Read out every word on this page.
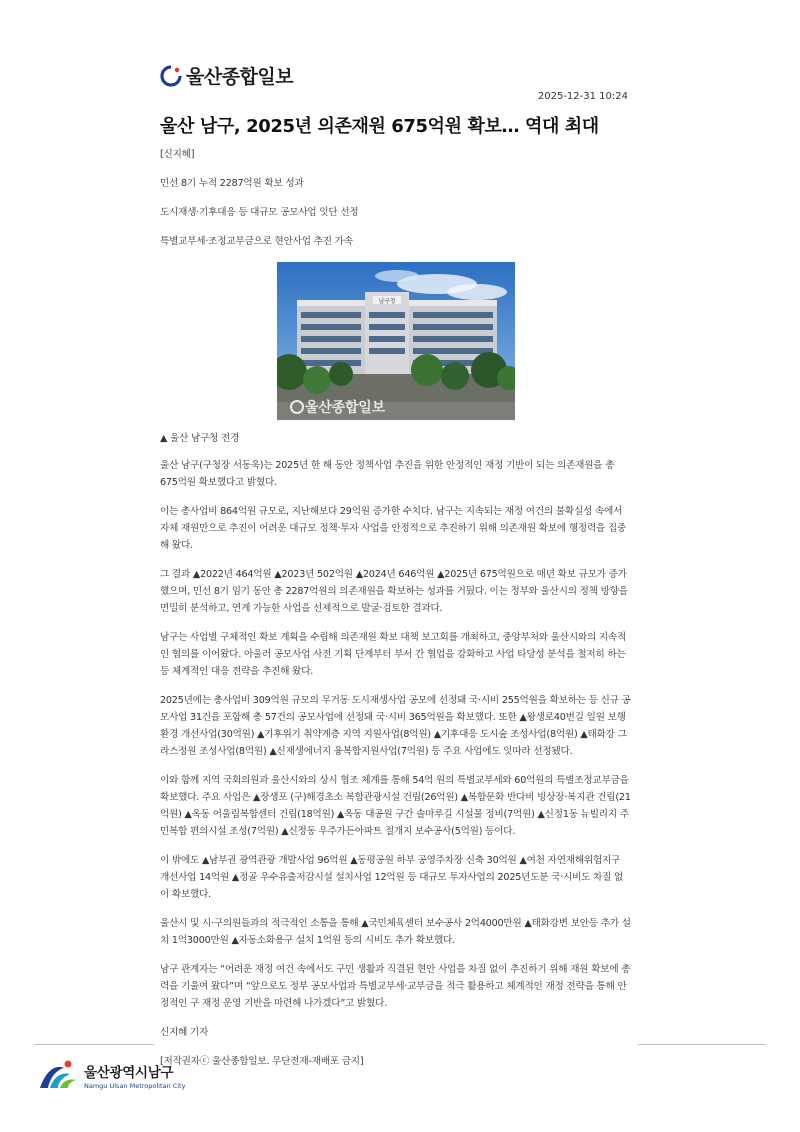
울산종합일보
2025-12-31 10:24
울산 남구, 2025년 의존재원 675억원 확보… 역대 최대

[신지혜]

민선 8기 누적 2287억원 확보 성과

도시재생·기후대응 등 대규모 공모사업 잇단 선정

특별교부세·조정교부금으로 현안사업 추진 가속

남구청
울산종합일보

▲ 울산 남구청 전경

울산 남구(구청장 서동욱)는 2025년 한 해 동안 정책사업 추진을 위한 안정적인 재정 기반이 되는 의존재원을 총 675억원 확보했다고 밝혔다.

이는 총사업비 864억원 규모로, 지난해보다 29억원 증가한 수치다. 남구는 지속되는 재정 여건의 불확실성 속에서 자체 재원만으로 추진이 어려운 대규모 정책·투자 사업을 안정적으로 추진하기 위해 의존재원 확보에 행정력을 집중해 왔다.

그 결과 ▲2022년 464억원 ▲2023년 502억원 ▲2024년 646억원 ▲2025년 675억원으로 매년 확보 규모가 증가했으며, 민선 8기 임기 동안 총 2287억원의 의존재원을 확보하는 성과를 거뒀다. 이는 정부와 울산시의 정책 방향을 면밀히 분석하고, 연계 가능한 사업을 선제적으로 발굴·검토한 결과다.

남구는 사업별 구체적인 확보 계획을 수립해 의존재원 확보 대책 보고회를 개최하고, 중앙부처와 울산시와의 지속적인 협의를 이어왔다. 아울러 공모사업 사전 기획 단계부터 부서 간 협업을 강화하고 사업 타당성 분석을 철저히 하는 등 체계적인 대응 전략을 추진해 왔다.

2025년에는 총사업비 309억원 규모의 무거동 도시재생사업 공모에 선정돼 국·시비 255억원을 확보하는 등 신규 공모사업 31건을 포함해 총 57건의 공모사업에 선정돼 국·시비 365억원을 확보했다. 또한 ▲왕생로40번길 일원 보행환경 개선사업(30억원) ▲기후위기 취약계층 지역 지원사업(8억원) ▲기후대응 도시숲 조성사업(8억원) ▲태화강 그라스정원 조성사업(8억원) ▲신재생에너지 융복합지원사업(7억원) 등 주요 사업에도 잇따라 선정됐다.

이와 함께 지역 국회의원과 울산시와의 상시 협조 체계를 통해 54억 원의 특별교부세와 60억원의 특별조정교부금을 확보했다. 주요 사업은 ▲장생포 (구)해경초소 복합관광시설 건립(26억원) ▲복합문화 반다비 빙상장·복지관 건립(21억원) ▲옥동 어울림복합센터 건립(18억원) ▲옥동 대공원 구간 솔마루길 시설물 정비(7억원) ▲신정1동 뉴빌리지 주민복합 편의시설 조성(7억원) ▲신정동 우주가든아파트 절개지 보수공사(5억원) 등이다.

이 밖에도 ▲남부권 광역관광 개발사업 96억원 ▲동평공원 하부 공영주차장 신축 30억원 ▲여천 자연재해위험지구 개선사업 14억원 ▲정골 우수유출저감시설 설치사업 12억원 등 대규모 투자사업의 2025년도분 국·시비도 차질 없이 확보했다.

울산시 및 시·구의원들과의 적극적인 소통을 통해 ▲국민체육센터 보수공사 2억4000만원 ▲태화강변 보안등 추가 설치 1억3000만원 ▲자동소화용구 설치 1억원 등의 시비도 추가 확보했다.

남구 관계자는 “어려운 재정 여건 속에서도 구민 생활과 직결된 현안 사업을 차질 없이 추진하기 위해 재원 확보에 총력을 기울여 왔다”며 “앞으로도 정부 공모사업과 특별교부세·교부금을 적극 활용하고 체계적인 재정 전략을 통해 안정적인 구 재정 운영 기반을 마련해 나가겠다”고 밝혔다.

신지혜 기자

[저작권자ⓒ 울산종합일보. 무단전재-재배포 금지]

울산광역시남구
Namgu Ulsan Metropolitan City
